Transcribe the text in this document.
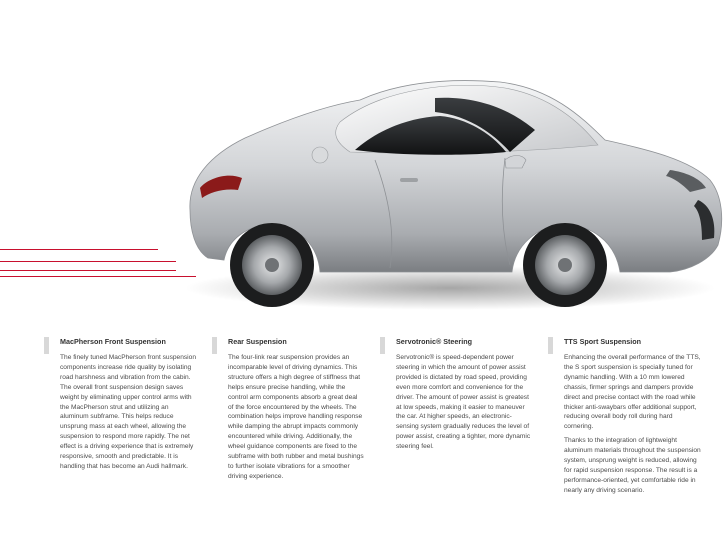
MacPherson Front Suspension

The finely tuned MacPherson front suspension components increase ride quality by isolating road harshness and vibration from the cabin. The overall front suspension design saves weight by eliminating upper control arms with the MacPherson strut and utilizing an aluminum subframe. This helps reduce unsprung mass at each wheel, allowing the suspension to respond more rapidly. The net effect is a driving experience that is extremely responsive, smooth and predictable. It is handling that has become an Audi hallmark.

Rear Suspension

The four-link rear suspension provides an incomparable level of driving dynamics. This structure offers a high degree of stiffness that helps ensure precise handling, while the control arm components absorb a great deal of the force encountered by the wheels. The combination helps improve handling response while damping the abrupt impacts commonly encountered while driving. Additionally, the wheel guidance components are fixed to the subframe with both rubber and metal bushings to further isolate vibrations for a smoother driving experience.

Servotronic® Steering

Servotronic® is speed-dependent power steering in which the amount of power assist provided is dictated by road speed, providing even more comfort and convenience for the driver. The amount of power assist is greatest at low speeds, making it easier to maneuver the car. At higher speeds, an electronic-sensing system gradually reduces the level of power assist, creating a tighter, more dynamic steering feel.

TTS Sport Suspension

Enhancing the overall performance of the TTS, the S sport suspension is specially tuned for dynamic handling. With a 10 mm lowered chassis, firmer springs and dampers provide direct and precise contact with the road while thicker anti-swaybars offer additional support, reducing overall body roll during hard cornering.

Thanks to the integration of lightweight aluminum materials throughout the suspension system, unsprung weight is reduced, allowing for rapid suspension response. The result is a performance-oriented, yet comfortable ride in nearly any driving scenario.
